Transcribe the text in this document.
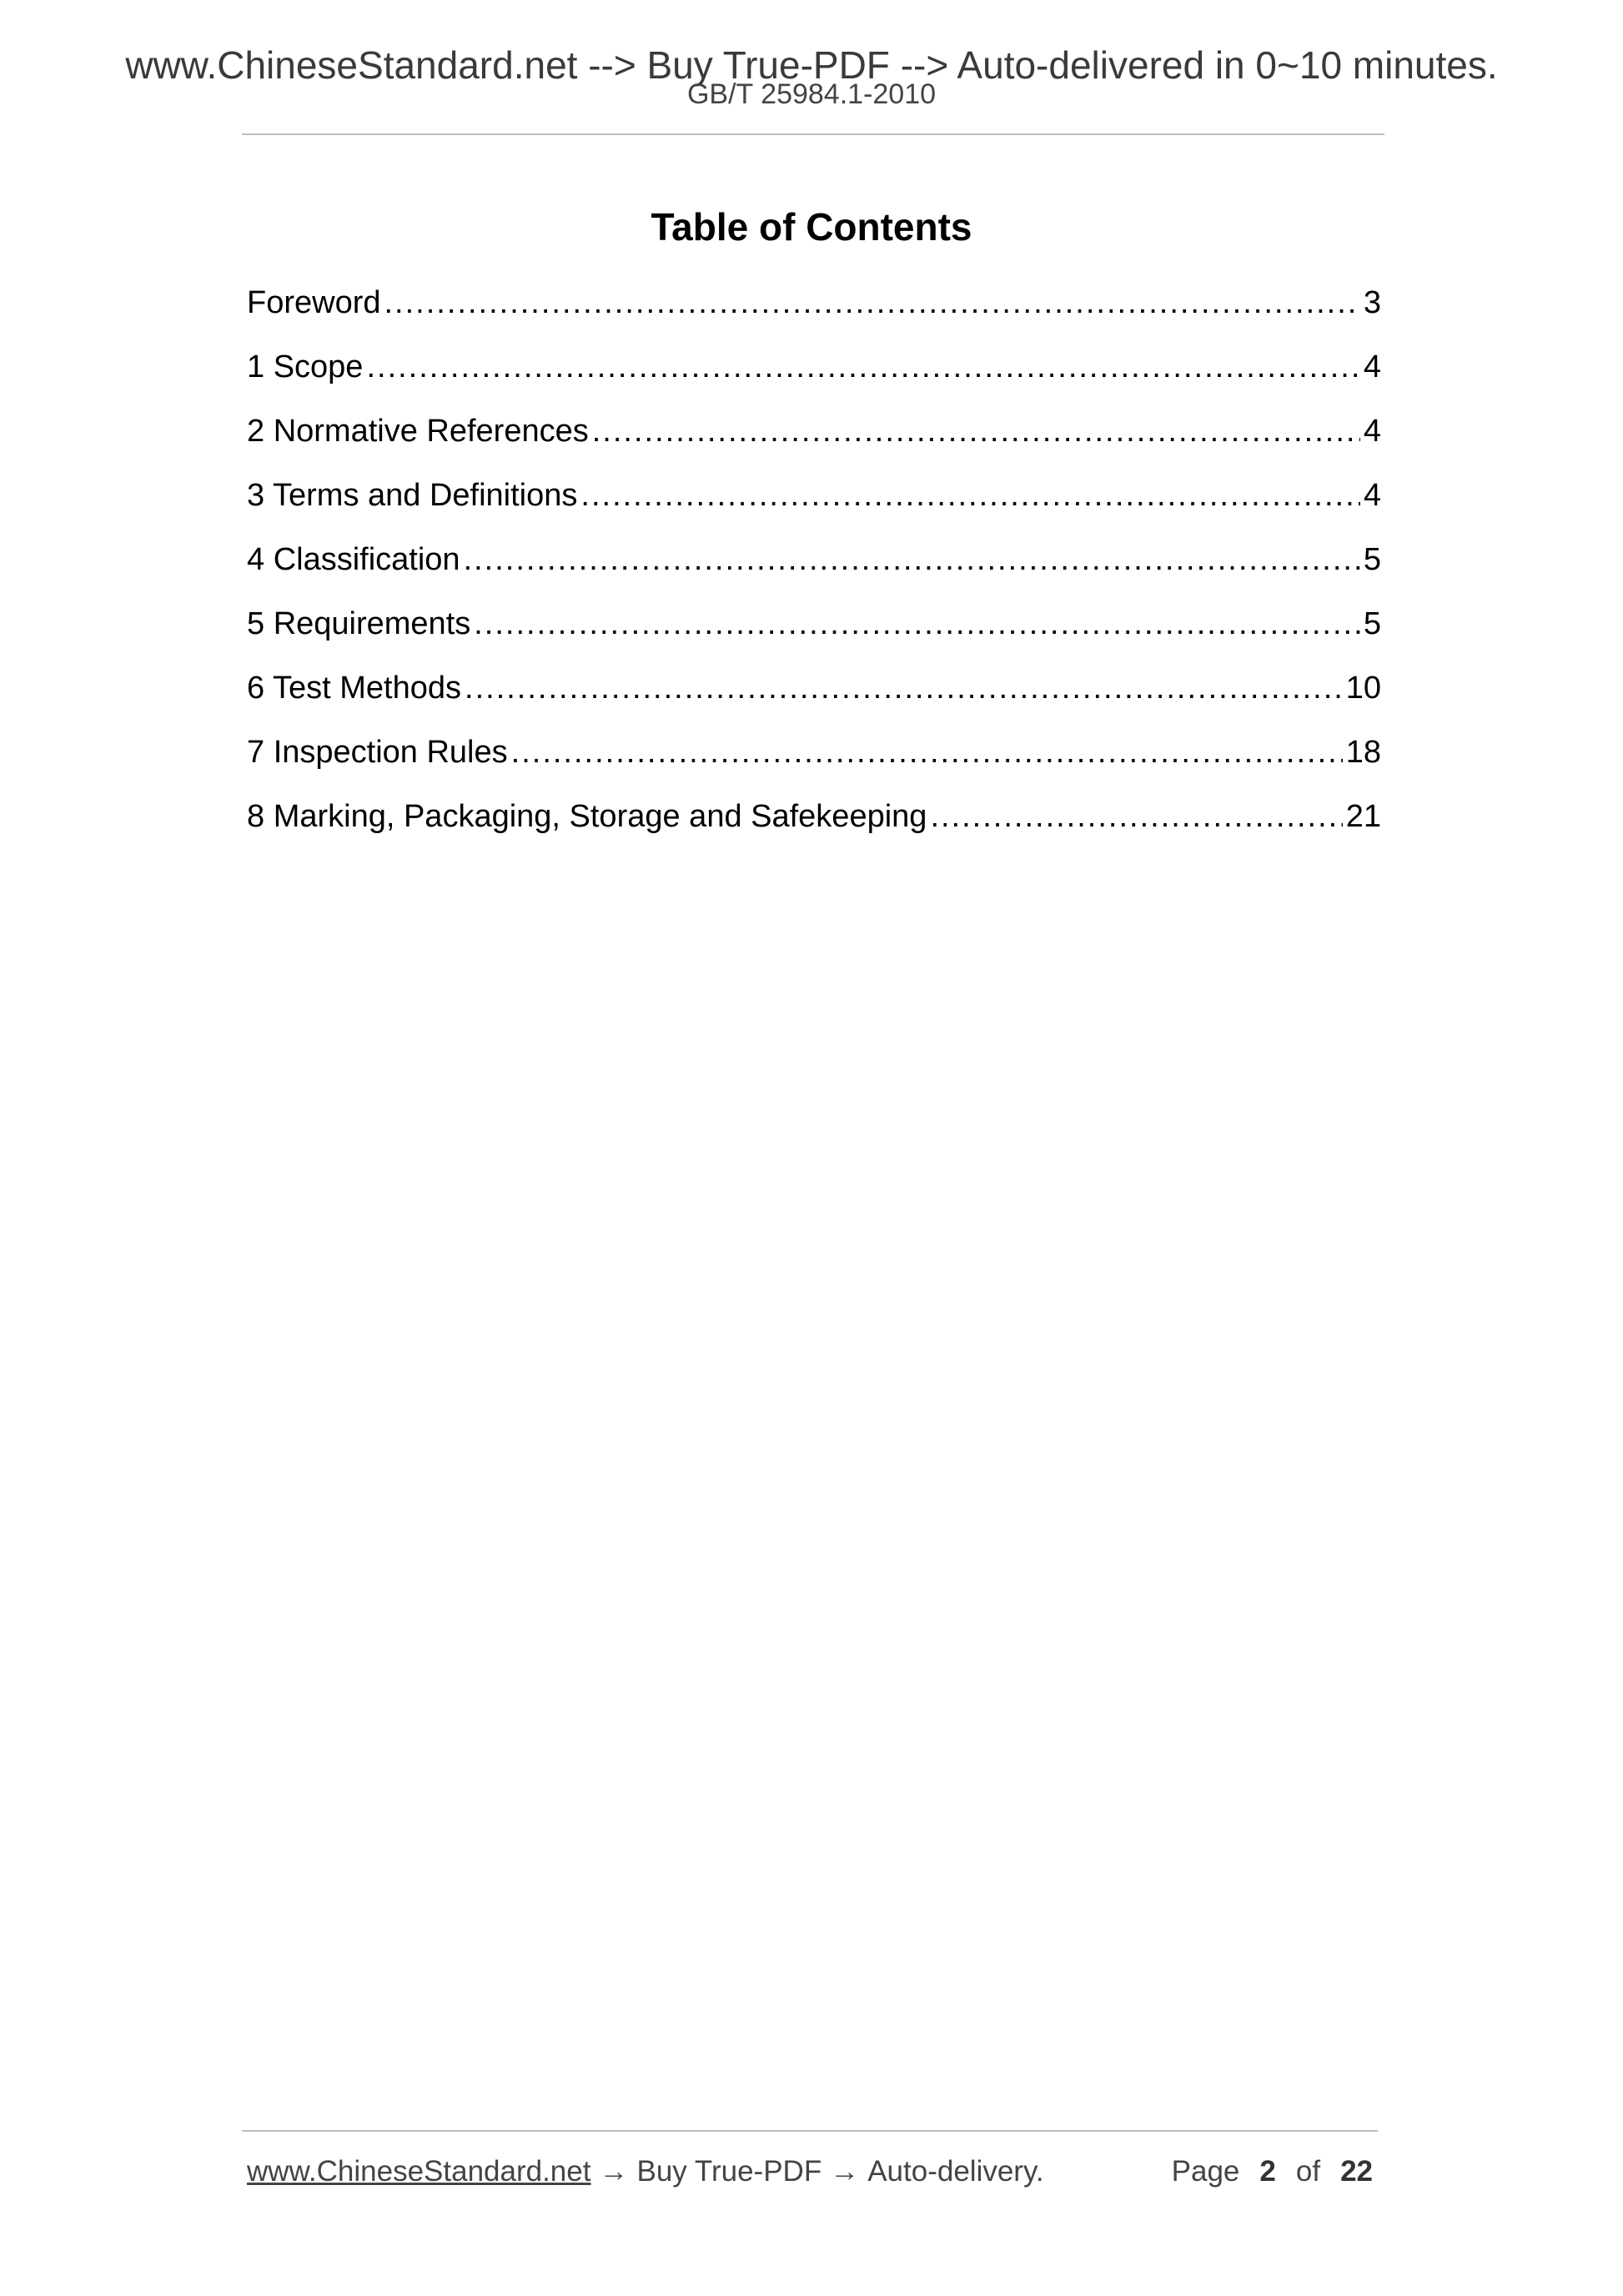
www.ChineseStandard.net --> Buy True-PDF --> Auto-delivered in 0~10 minutes.
GB/T 25984.1-2010
Table of Contents
Foreword .....	3
1 Scope .....	4
2 Normative References .....	4
3 Terms and Definitions .....	4
4 Classification .....	5
5 Requirements .....	5
6 Test Methods .....	10
7 Inspection Rules .....	18
8 Marking, Packaging, Storage and Safekeeping .....	21
www.ChineseStandard.net → Buy True-PDF → Auto-delivery.	Page 2 of 22
